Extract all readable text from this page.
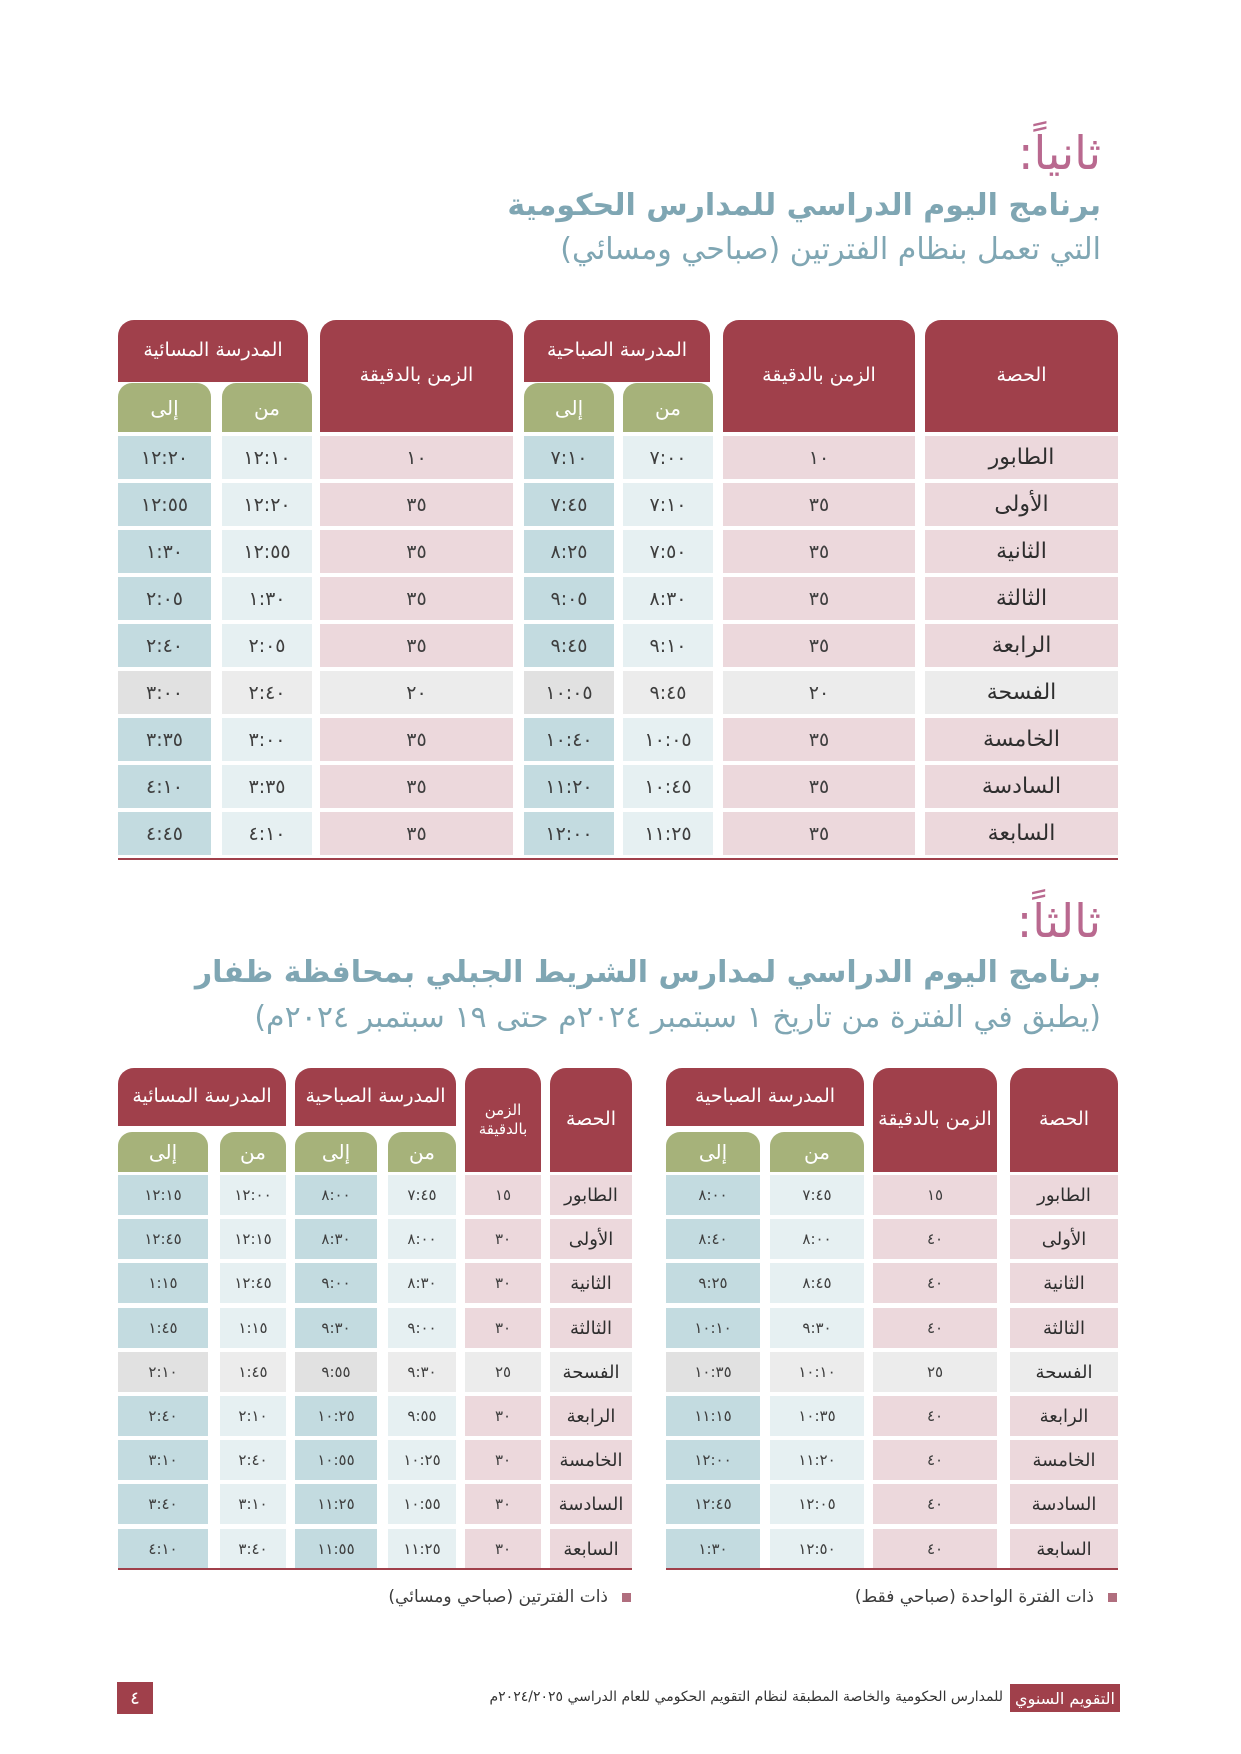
ثانياً:
برنامج اليوم الدراسي للمدارس الحكومية
التي تعمل بنظام الفترتين (صباحي ومسائي)
الحصة
الزمن بالدقيقة
المدرسة الصباحية
من
إلى
الزمن بالدقيقة
المدرسة المسائية
من
إلى
الطابور
١٠
٧:٠٠
٧:١٠
١٠
١٢:١٠
١٢:٢٠
الأولى
٣٥
٧:١٠
٧:٤٥
٣٥
١٢:٢٠
١٢:٥٥
الثانية
٣٥
٧:٥٠
٨:٢٥
٣٥
١٢:٥٥
١:٣٠
الثالثة
٣٥
٨:٣٠
٩:٠٥
٣٥
١:٣٠
٢:٠٥
الرابعة
٣٥
٩:١٠
٩:٤٥
٣٥
٢:٠٥
٢:٤٠
الفسحة
٢٠
٩:٤٥
١٠:٠٥
٢٠
٢:٤٠
٣:٠٠
الخامسة
٣٥
١٠:٠٥
١٠:٤٠
٣٥
٣:٠٠
٣:٣٥
السادسة
٣٥
١٠:٤٥
١١:٢٠
٣٥
٣:٣٥
٤:١٠
السابعة
٣٥
١١:٢٥
١٢:٠٠
٣٥
٤:١٠
٤:٤٥
ثالثاً:
برنامج اليوم الدراسي لمدارس الشريط الجبلي بمحافظة ظفار
(يطبق في الفترة من تاريخ ١ سبتمبر ٢٠٢٤م حتى ١٩ سبتمبر ٢٠٢٤م)
الحصة
الزمن بالدقيقة
المدرسة الصباحية
من
إلى
الطابور
١٥
٧:٤٥
٨:٠٠
الأولى
٤٠
٨:٠٠
٨:٤٠
الثانية
٤٠
٨:٤٥
٩:٢٥
الثالثة
٤٠
٩:٣٠
١٠:١٠
الفسحة
٢٥
١٠:١٠
١٠:٣٥
الرابعة
٤٠
١٠:٣٥
١١:١٥
الخامسة
٤٠
١١:٢٠
١٢:٠٠
السادسة
٤٠
١٢:٠٥
١٢:٤٥
السابعة
٤٠
١٢:٥٠
١:٣٠
الحصة
الزمن بالدقيقة
المدرسة الصباحية
من
إلى
المدرسة المسائية
من
إلى
الطابور
١٥
٧:٤٥
٨:٠٠
١٢:٠٠
١٢:١٥
الأولى
٣٠
٨:٠٠
٨:٣٠
١٢:١٥
١٢:٤٥
الثانية
٣٠
٨:٣٠
٩:٠٠
١٢:٤٥
١:١٥
الثالثة
٣٠
٩:٠٠
٩:٣٠
١:١٥
١:٤٥
الفسحة
٢٥
٩:٣٠
٩:٥٥
١:٤٥
٢:١٠
الرابعة
٣٠
٩:٥٥
١٠:٢٥
٢:١٠
٢:٤٠
الخامسة
٣٠
١٠:٢٥
١٠:٥٥
٢:٤٠
٣:١٠
السادسة
٣٠
١٠:٥٥
١١:٢٥
٣:١٠
٣:٤٠
السابعة
٣٠
١١:٢٥
١١:٥٥
٣:٤٠
٤:١٠
ذات الفترة الواحدة (صباحي فقط)
ذات الفترتين (صباحي ومسائي)
التقويم السنوي
للمدارس الحكومية والخاصة المطبقة لنظام التقويم الحكومي للعام الدراسي ٢٠٢٤/٢٠٢٥م
٤
